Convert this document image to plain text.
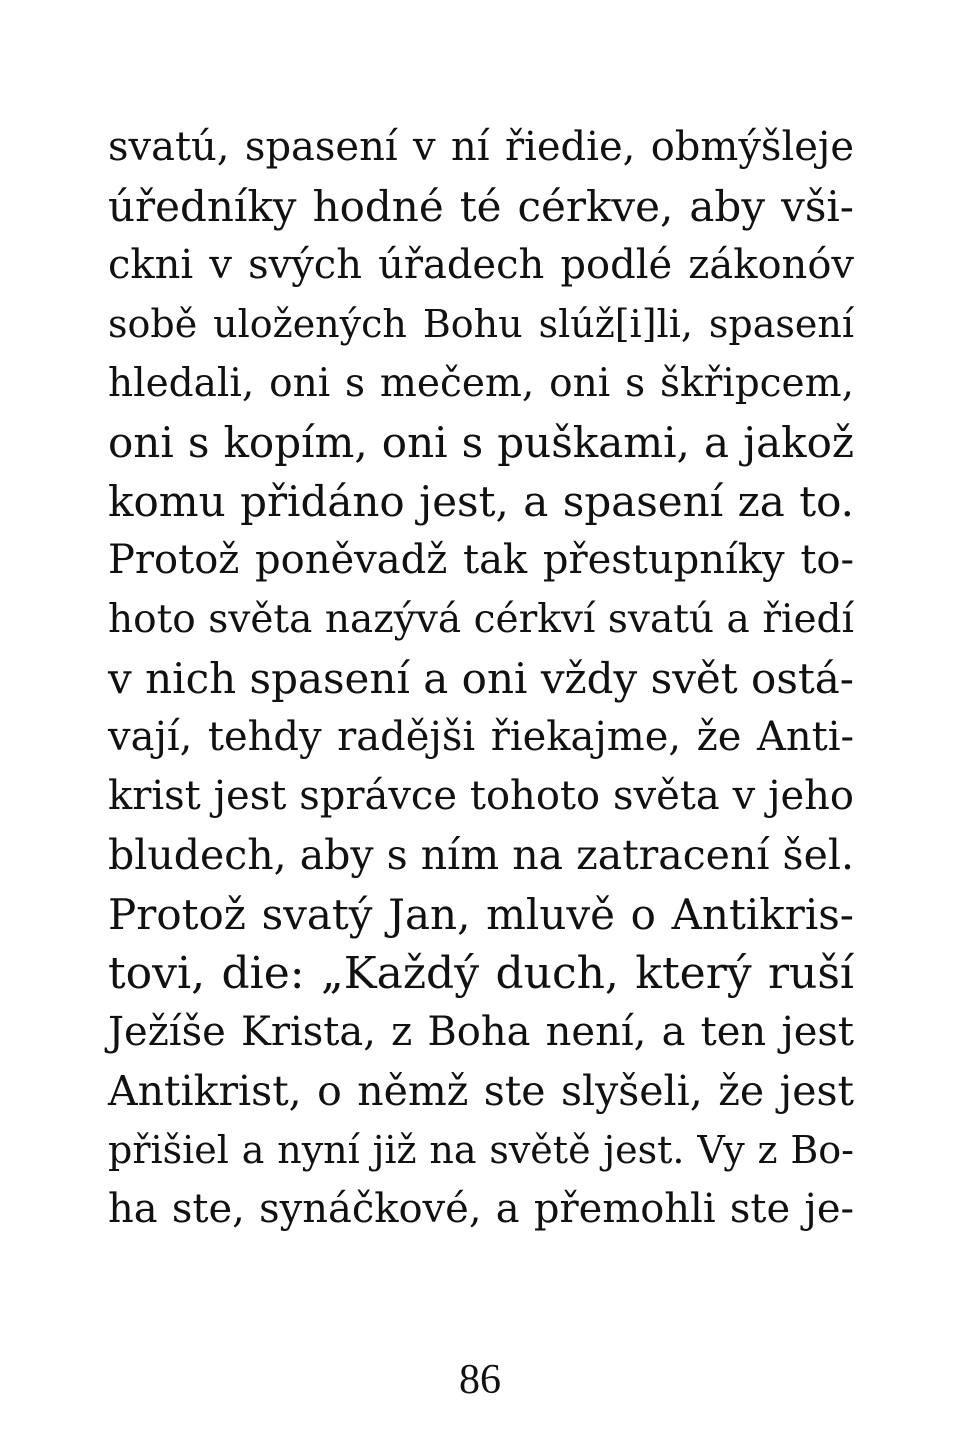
svatú, spasení v ní řiedie, obmýšleje
úředníky hodné té cérkve, aby vši-
ckni v svých úřadech podlé zákonóv
sobě uložených Bohu slúž[i]li, spasení
hledali, oni s mečem, oni s škřipcem,
oni s kopím, oni s puškami, a jakož
komu přidáno jest, a spasení za to.
Protož poněvadž tak přestupníky to-
hoto světa nazývá cérkví svatú a řiedí
v nich spasení a oni vždy svět ostá-
vají, tehdy radějši řiekajme, že Anti-
krist jest správce tohoto světa v jeho
bludech, aby s ním na zatracení šel.
Protož svatý Jan, mluvě o Antikris-
tovi, die: „Každý duch, který ruší
Ježíše Krista, z Boha není, a ten jest
Antikrist, o němž ste slyšeli, že jest
přišiel a nyní již na světě jest. Vy z Bo-
ha ste, synáčkové, a přemohli ste je-
86
